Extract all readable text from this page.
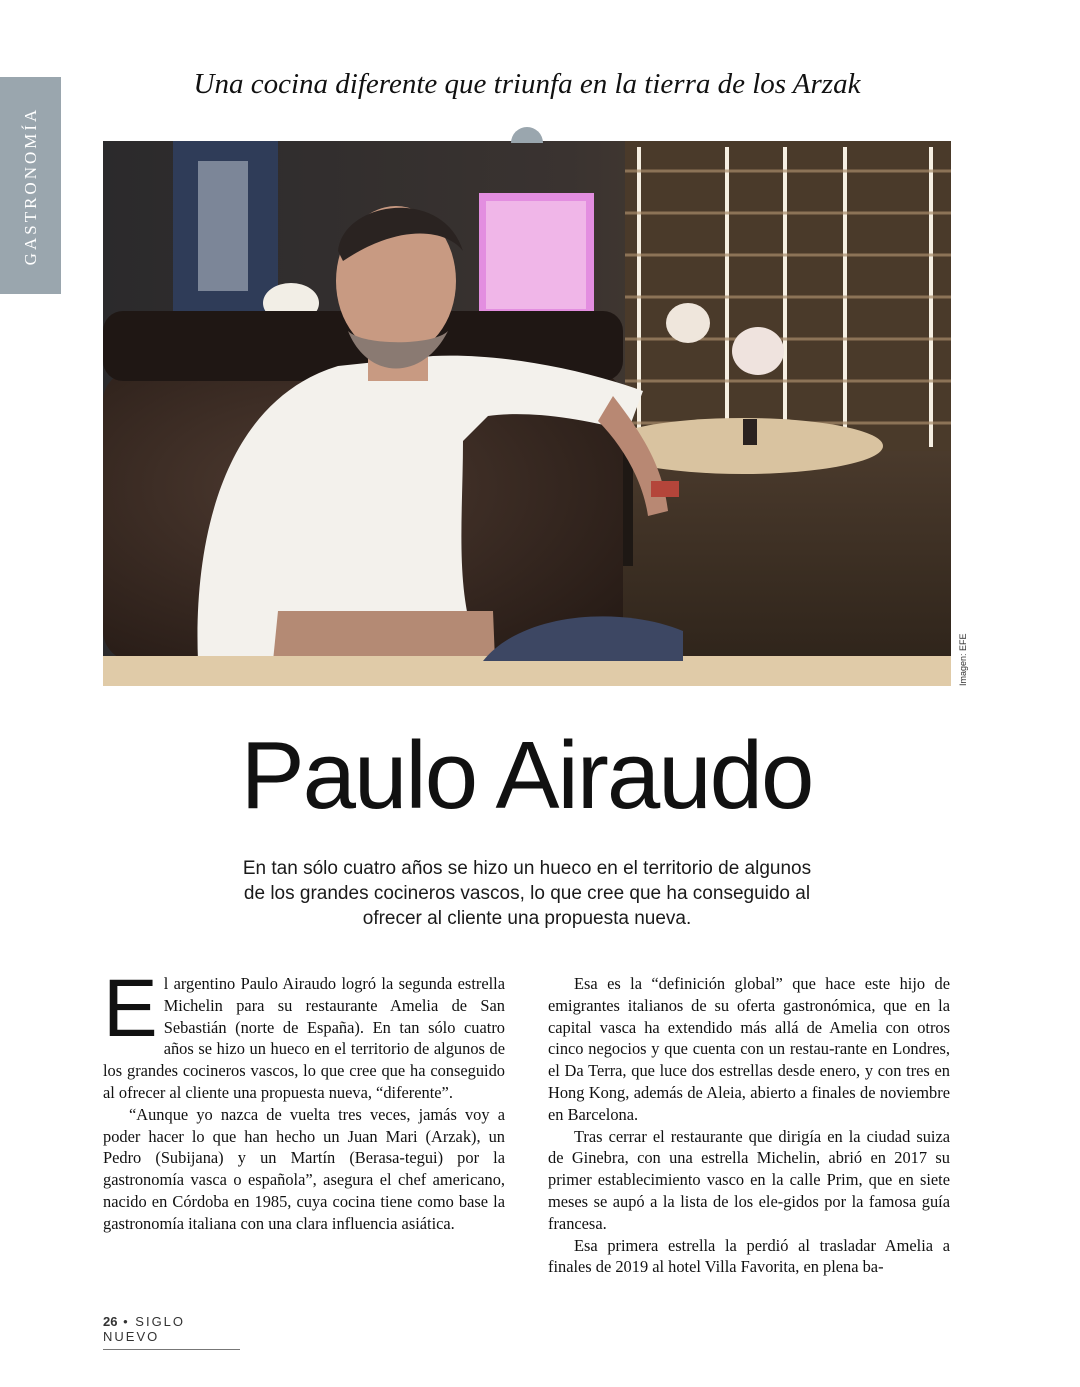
GASTRONOMÍA
Una cocina diferente que triunfa en la tierra de los Arzak
Imagen: EFE
Paulo Airaudo
En tan sólo cuatro años se hizo un hueco en el territorio de algunos de los grandes cocineros vascos, lo que cree que ha conseguido al ofrecer al cliente una propuesta nueva.

El argentino Paulo Airaudo logró la segunda estrella Michelin para su restaurante Amelia de San Sebastián (norte de España). En tan sólo cuatro años se hizo un hueco en el territorio de algunos de los grandes cocineros vascos, lo que cree que ha conseguido al ofrecer al cliente una propuesta nueva, “diferente”.

“Aunque yo nazca de vuelta tres veces, jamás voy a poder hacer lo que han hecho un Juan Mari (Arzak), un Pedro (Subijana) y un Martín (Berasa-tegui) por la gastronomía vasca o española”, asegura el chef americano, nacido en Córdoba en 1985, cuya cocina tiene como base la gastronomía italiana con una clara influencia asiática.

Esa es la “definición global” que hace este hijo de emigrantes italianos de su oferta gastronómica, que en la capital vasca ha extendido más allá de Amelia con otros cinco negocios y que cuenta con un restau-rante en Londres, el Da Terra, que luce dos estrellas desde enero, y con tres en Hong Kong, además de Aleia, abierto a finales de noviembre en Barcelona.

Tras cerrar el restaurante que dirigía en la ciudad suiza de Ginebra, con una estrella Michelin, abrió en 2017 su primer establecimiento vasco en la calle Prim, que en siete meses se aupó a la lista de los ele-gidos por la famosa guía francesa.

Esa primera estrella la perdió al trasladar Amelia a finales de 2019 al hotel Villa Favorita, en plena ba-

26 • SIGLO NUEVO
